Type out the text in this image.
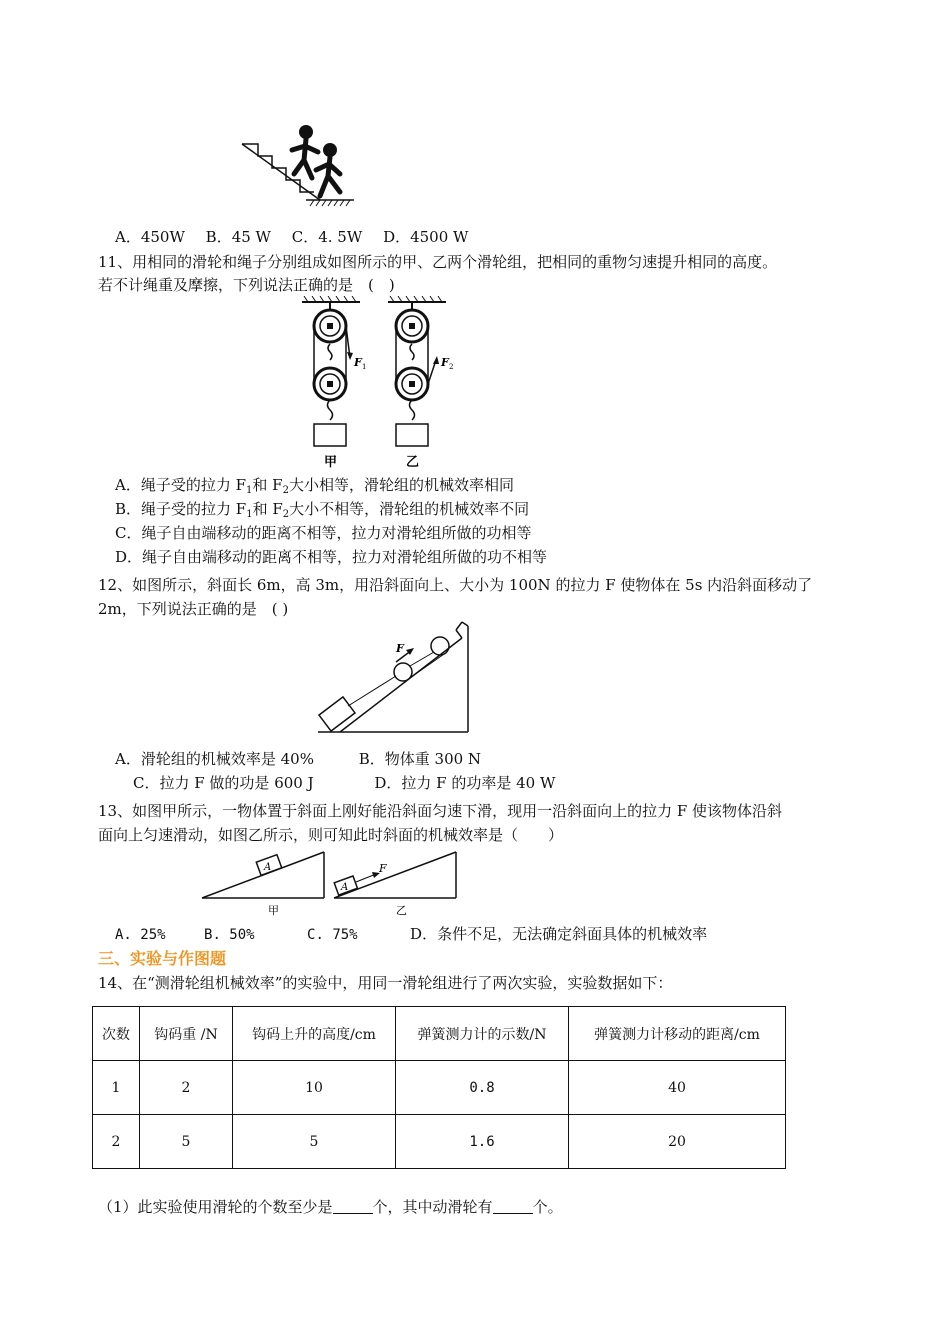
A．450W B．45 W C．4. 5W D．4500 W
11、用相同的滑轮和绳子分别组成如图所示的甲、乙两个滑轮组，把相同的重物匀速提升相同的高度。
若不计绳重及摩擦，下列说法正确的是　(　)
F 1	F 2
甲	乙
A．绳子受的拉力 $F_1$和 $F_2$大小相等，滑轮组的机械效率相同
B．绳子受的拉力 $F_1$和 $F_2$大小不相等，滑轮组的机械效率不同
C．绳子自由端移动的距离不相等，拉力对滑轮组所做的功相等
D．绳子自由端移动的距离不相等，拉力对滑轮组所做的功不相等
12、如图所示，斜面长 6m，高 3m，用沿斜面向上、大小为 100N 的拉力 F 使物体在 5s 内沿斜面移动了
2m，下列说法正确的是　( )
F
A．滑轮组的机械效率是 40%	B．物体重 300 N
C．拉力 F 做的功是 600 J	D．拉力 F 的功率是 40 W
13、如图甲所示，一物体置于斜面上刚好能沿斜面匀速下滑，现用一沿斜面向上的拉力 F 使该物体沿斜
面向上匀速滑动，如图乙所示，则可知此时斜面的机械效率是（　　）
A
甲
A
F
乙
A. 25%	B. 50%	C. 75%	D．条件不足，无法确定斜面具体的机械效率
三、实验与作图题
14、在“测滑轮组机械效率”的实验中，用同一滑轮组进行了两次实验，实验数据如下：
次数	钩码重 /N	钩码上升的高度/cm	弹簧测力计的示数/N	弹簧测力计移动的距离/cm
1	2	10	0.8	40
2	5	5	1.6	20
（1）此实验使用滑轮的个数至少是	个，其中动滑轮有	个。
